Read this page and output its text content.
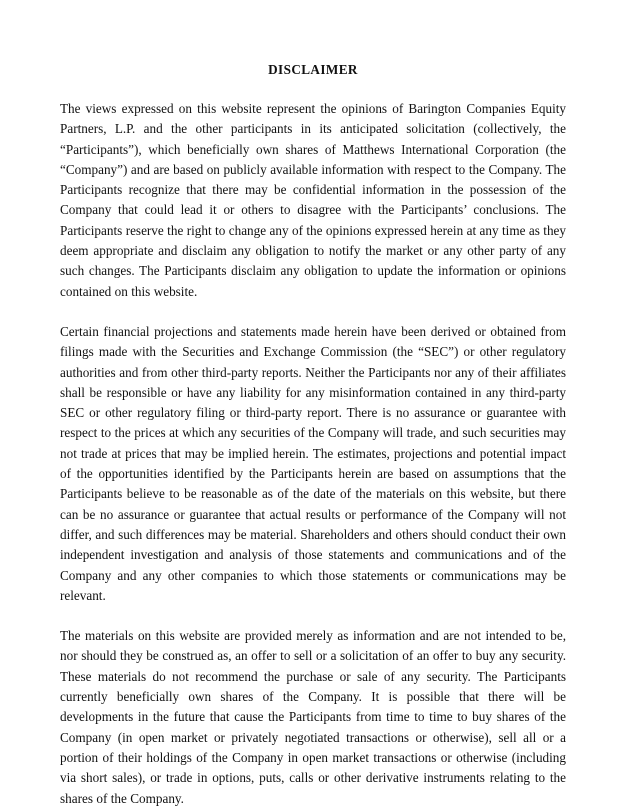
DISCLAIMER

The views expressed on this website represent the opinions of Barington Companies Equity Partners, L.P. and the other participants in its anticipated solicitation (collectively, the “Participants”), which beneficially own shares of Matthews International Corporation (the “Company”) and are based on publicly available information with respect to the Company. The Participants recognize that there may be confidential information in the possession of the Company that could lead it or others to disagree with the Participants’ conclusions. The Participants reserve the right to change any of the opinions expressed herein at any time as they deem appropriate and disclaim any obligation to notify the market or any other party of any such changes. The Participants disclaim any obligation to update the information or opinions contained on this website.

Certain financial projections and statements made herein have been derived or obtained from filings made with the Securities and Exchange Commission (the “SEC”) or other regulatory authorities and from other third-party reports. Neither the Participants nor any of their affiliates shall be responsible or have any liability for any misinformation contained in any third-party SEC or other regulatory filing or third-party report. There is no assurance or guarantee with respect to the prices at which any securities of the Company will trade, and such securities may not trade at prices that may be implied herein. The estimates, projections and potential impact of the opportunities identified by the Participants herein are based on assumptions that the Participants believe to be reasonable as of the date of the materials on this website, but there can be no assurance or guarantee that actual results or performance of the Company will not differ, and such differences may be material. Shareholders and others should conduct their own independent investigation and analysis of those statements and communications and of the Company and any other companies to which those statements or communications may be relevant.

The materials on this website are provided merely as information and are not intended to be, nor should they be construed as, an offer to sell or a solicitation of an offer to buy any security. These materials do not recommend the purchase or sale of any security. The Participants currently beneficially own shares of the Company. It is possible that there will be developments in the future that cause the Participants from time to time to buy shares of the Company (in open market or privately negotiated transactions or otherwise), sell all or a portion of their holdings of the Company in open market transactions or otherwise (including via short sales), or trade in options, puts, calls or other derivative instruments relating to the shares of the Company.
